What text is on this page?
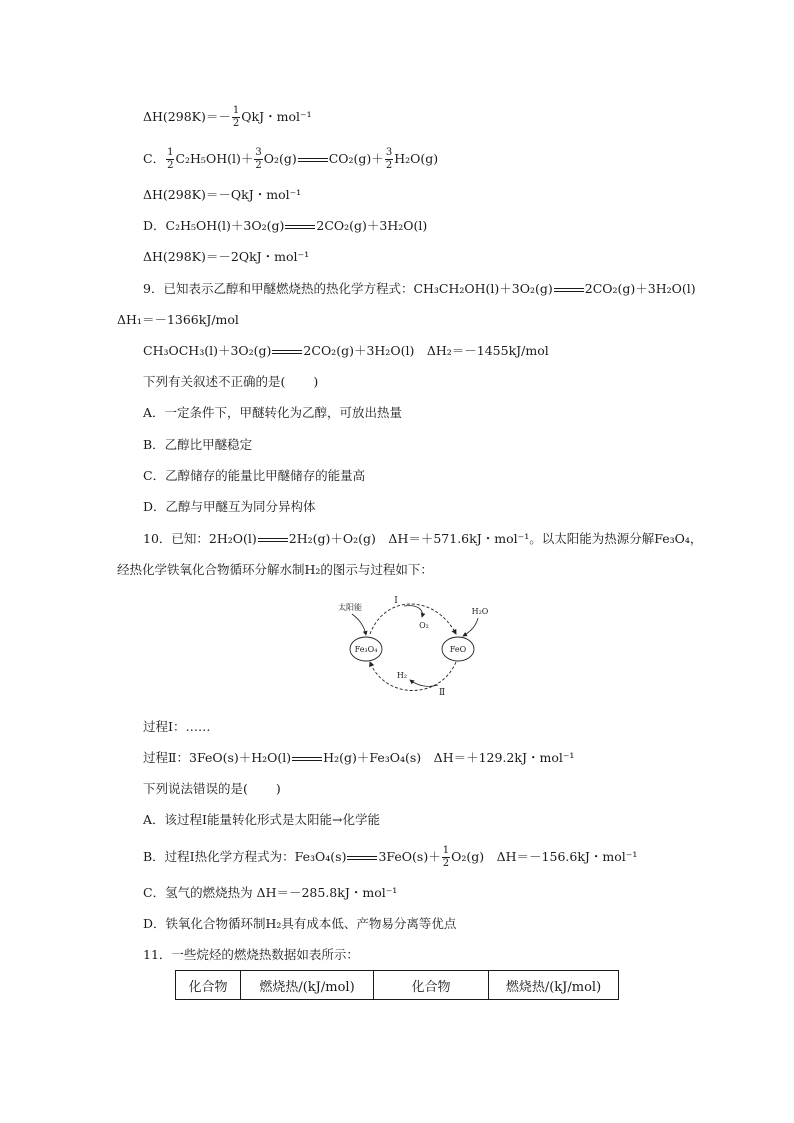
$\Delta H(298K)=- \frac{1}{2}$ QkJ・mol⁻¹
C． $\frac{1}{2} C_2H_5OH(l)+ \frac{3}{2} O_2(g)$	$CO_2(g)+ \frac{3}{2} H_2O(g)$
ΔH(298K)＝－QkJ・mol⁻¹
D．C₂H₅OH(l)＋3O₂(g)	2CO₂(g)＋3H₂O(l)
ΔH(298K)＝－2QkJ・mol⁻¹
9．已知表示乙醇和甲醚燃烧热的热化学方程式：CH₃CH₂OH(l)＋3O₂(g)	2CO₂(g)＋3H₂O(l)
ΔH₁＝－1366kJ/mol
CH₃OCH₃(l)＋3O₂(g)	2CO₂(g)＋3H₂O(l)　ΔH₂＝－1455kJ/mol
下列有关叙述不正确的是( )
A．一定条件下，甲醚转化为乙醇，可放出热量
B．乙醇比甲醚稳定
C．乙醇储存的能量比甲醚储存的能量高
D．乙醇与甲醚互为同分异构体
10．已知：2H₂O(l)	2H₂(g)＋O₂(g)　ΔH＝＋571.6kJ・mol⁻¹。以太阳能为热源分解Fe₃O₄，
经热化学铁氧化合物循环分解水制H₂的图示与过程如下：
Fe₃O₄	FeO
太阳能
Ⅰ
O₂
H₂O
H₂
Ⅱ
过程Ⅰ：……
过程Ⅱ：3FeO(s)＋H₂O(l)	H₂(g)＋Fe₃O₄(s)　ΔH＝＋129.2kJ・mol⁻¹
下列说法错误的是( )
A．该过程Ⅰ能量转化形式是太阳能→化学能
B．过程Ⅰ热化学方程式为：Fe₃O₄(s)	$3FeO(s)+ \frac{1}{2} O_2(g)$　ΔH＝－156.6kJ・mol⁻¹
C．氢气的燃烧热为 ΔH＝－285.8kJ・mol⁻¹
D．铁氧化合物循环制H₂具有成本低、产物易分离等优点
11．一些烷烃的燃烧热数据如表所示：
化合物	燃烧热/(kJ/mol)	化合物	燃烧热/(kJ/mol)
